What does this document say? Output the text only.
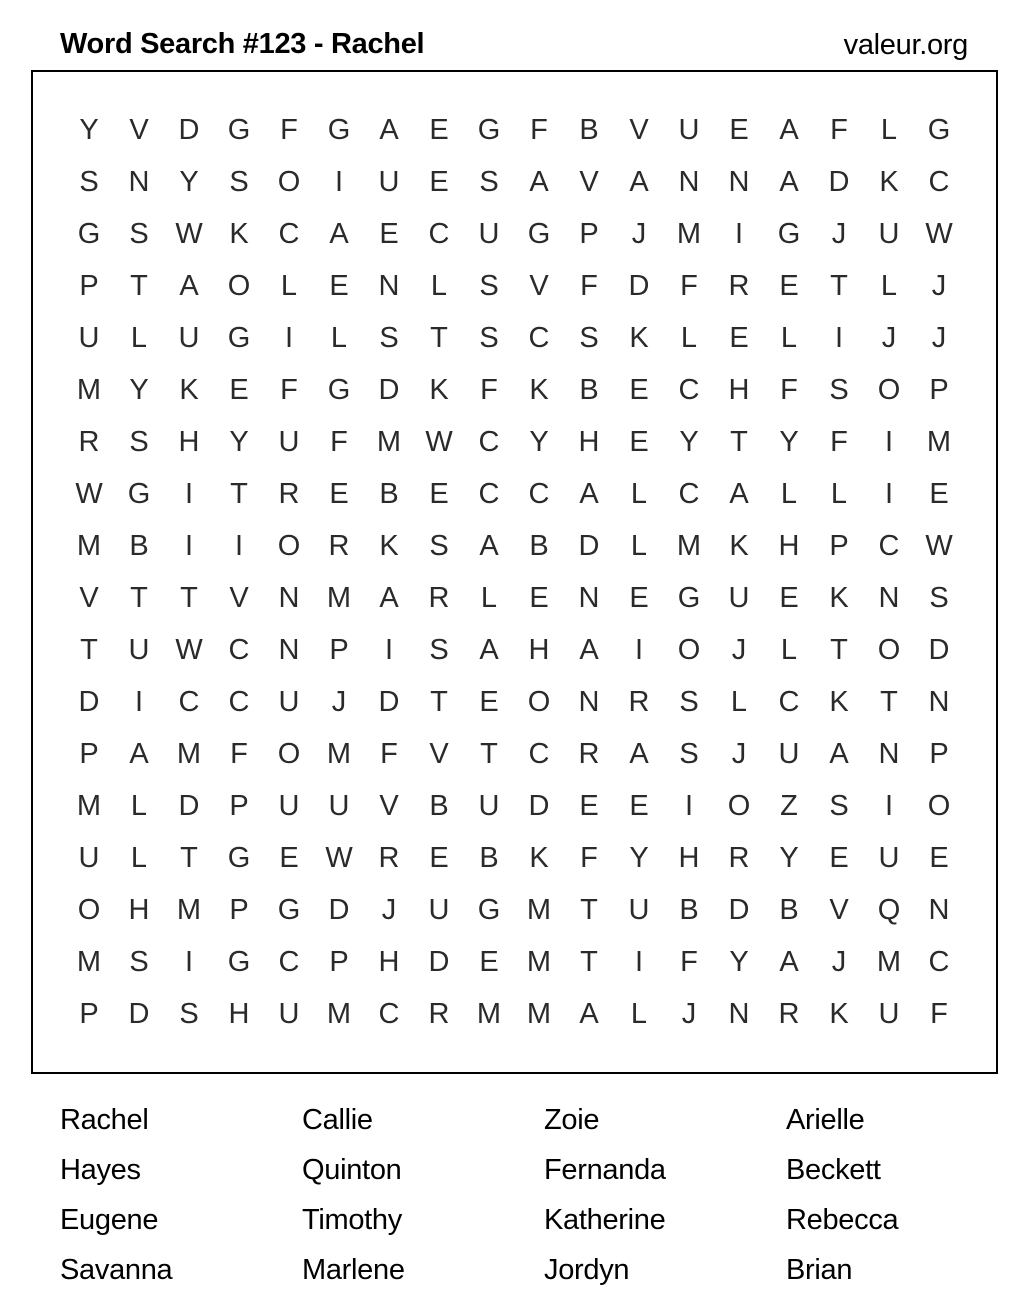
Word Search #123 - Rachel	valeur.org
Y	V	D G	F	G	A	E	G	F	B	V	U	E	A	F	L	G
S	N	Y	S	O	I	U	E	S	A	V	A	N	N	A	D	K	C
G	S W K	C	A	E	C	U G	P	J	M	I	G	J	U W
P	T	A	O	L	E	N	L	S	V	F	D	F	R	E	T	L	J
U	L	U G	I	L	S	T	S	C	S	K	L	E	L	I	J	J
M Y	K	E	F	G D	K	F	K	B	E	C	H	F	S	O	P
R	S	H	Y	U	F	M W C	Y	H	E	Y	T	Y	F	I	M
W G	I	T	R	E	B	E	C	C	A	L	C	A	L	L	I	E
M B	I	I	O R	K	S	A	B	D	L	M K	H	P	C W
V	T	T	V	N M A	R	L	E	N	E	G U	E	K	N	S
T	U W C	N	P	I	S	A	H	A	I	O	J	L	T	O D
D	I	C	C	U	J	D	T	E	O N	R	S	L	C	K	T	N
P	A M	F	O M	F	V	T	C	R	A	S	J	U	A	N	P
M	L	D	P	U	U	V	B	U	D	E	E	I	O	Z	S	I	O
U	L	T	G	E W R	E	B	K	F	Y	H	R	Y	E	U	E
O H M P	G D	J	U G M	T	U	B	D	B	V	Q N
M S	I	G C	P	H	D	E M	T	I	F	Y	A	J	M C
P	D	S	H	U M C	R M M A	L	J	N	R	K	U	F
Rachel	Callie	Zoie	Arielle
Hayes	Quinton	Fernanda	Beckett
Eugene	Timothy	Katherine	Rebecca
Savanna	Marlene	Jordyn	Brian
